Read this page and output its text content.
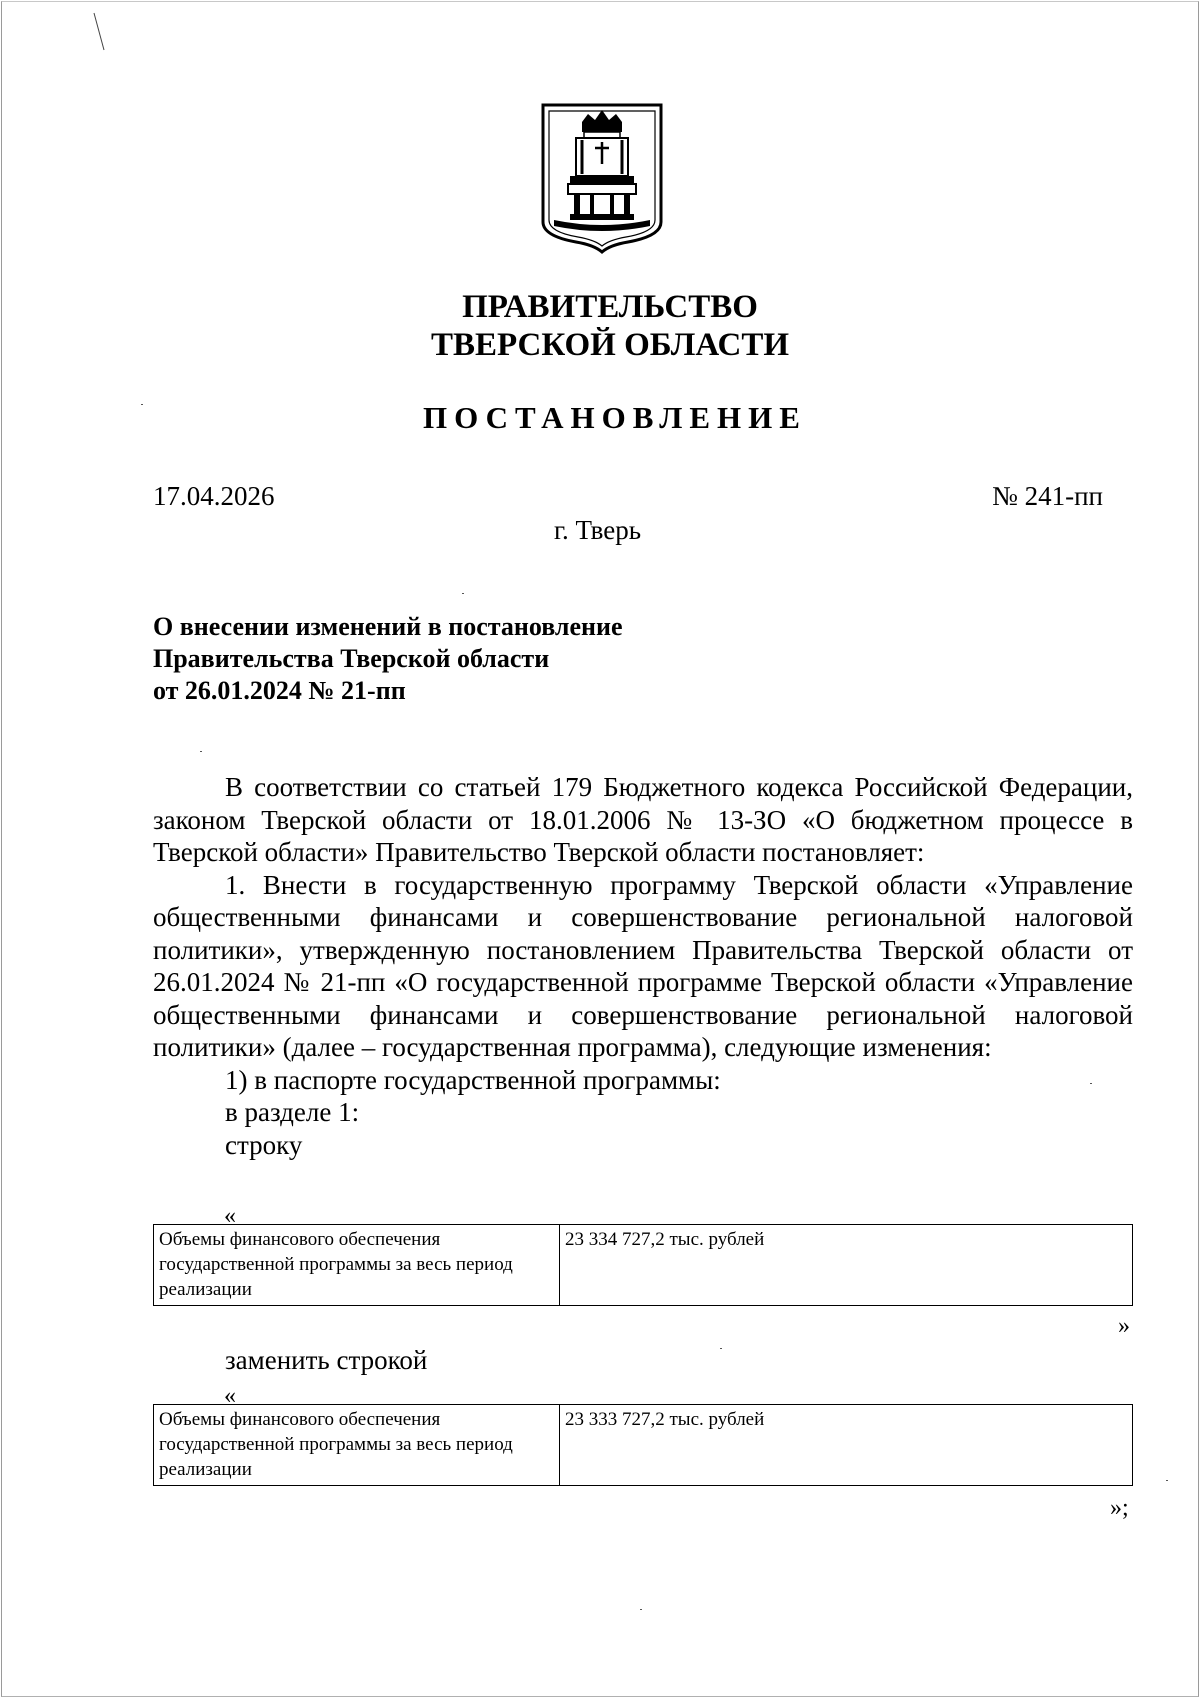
ПРАВИТЕЛЬСТВО
ТВЕРСКОЙ ОБЛАСТИ
ПОСТАНОВЛЕНИЕ
17.04.2026	№ 241-пп
г. Тверь
О внесении изменений в постановление
Правительства Тверской области
от 26.01.2024 № 21-пп

В соответствии со статьей 179 Бюджетного кодекса Российской Федерации, законом Тверской области от 18.01.2006 № 13-ЗО «О бюджетном процессе в Тверской области» Правительство Тверской области постановляет:

1. Внести в государственную программу Тверской области «Управление общественными финансами и совершенствование региональной налоговой политики», утвержденную постановлением Правительства Тверской области от 26.01.2024 № 21-пп «О государственной программе Тверской области «Управление общественными финансами и совершенствование региональной налоговой политики» (далее – государственная программа), следующие изменения:

1) в паспорте государственной программы:
в разделе 1:
строку
«
Объемы финансового обеспечения государственной программы за весь период реализации	23 334 727,2 тыс. рублей
»
заменить строкой
«
Объемы финансового обеспечения государственной программы за весь период реализации	23 333 727,2 тыс. рублей
»;
